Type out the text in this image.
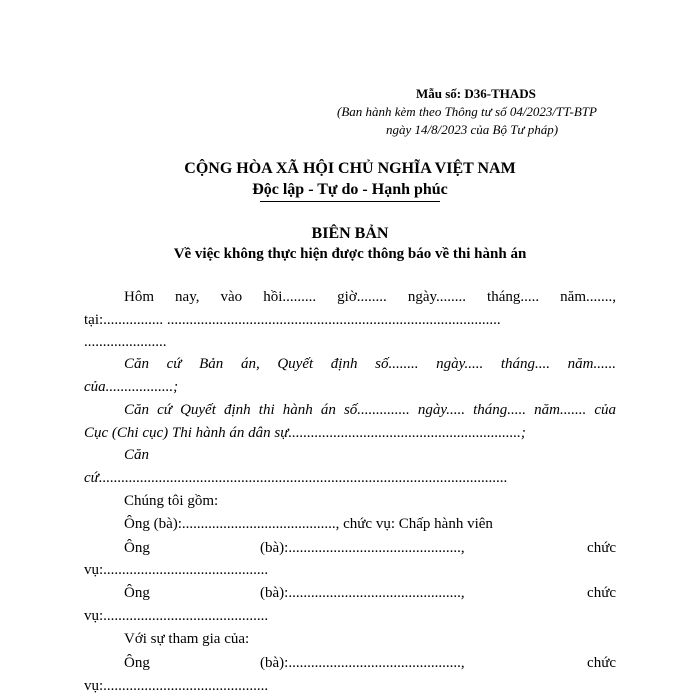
Mẫu số: D36-THADS
(Ban hành kèm theo Thông tư số 04/2023/TT-BTP
ngày 14/8/2023 của Bộ Tư pháp)
CỘNG HÒA XÃ HỘI CHỦ NGHĨA VIỆT NAM
Độc lập - Tự do - Hạnh phúc
BIÊN BẢN
Về việc không thực hiện được thông báo về thi hành án
Hôm nay, vào hồi......... giờ........ ngày........ tháng..... năm.......,
tại:................ .........................................................................................
......................
Căn cứ Bản án, Quyết định số........ ngày..... tháng.... năm......
của..................;
Căn cứ Quyết định thi hành án số.............. ngày..... tháng..... năm....... của
Cục (Chi cục) Thi hành án dân sự..............................................................;
Căn
cứ.............................................................................................................
Chúng tôi gồm:
Ông (bà):........................................., chức vụ: Chấp hành viên
Ông	(bà):..............................................,	chức
vụ:............................................
Ông	(bà):..............................................,	chức
vụ:............................................
Với sự tham gia của:
Ông	(bà):..............................................,	chức
vụ:............................................
